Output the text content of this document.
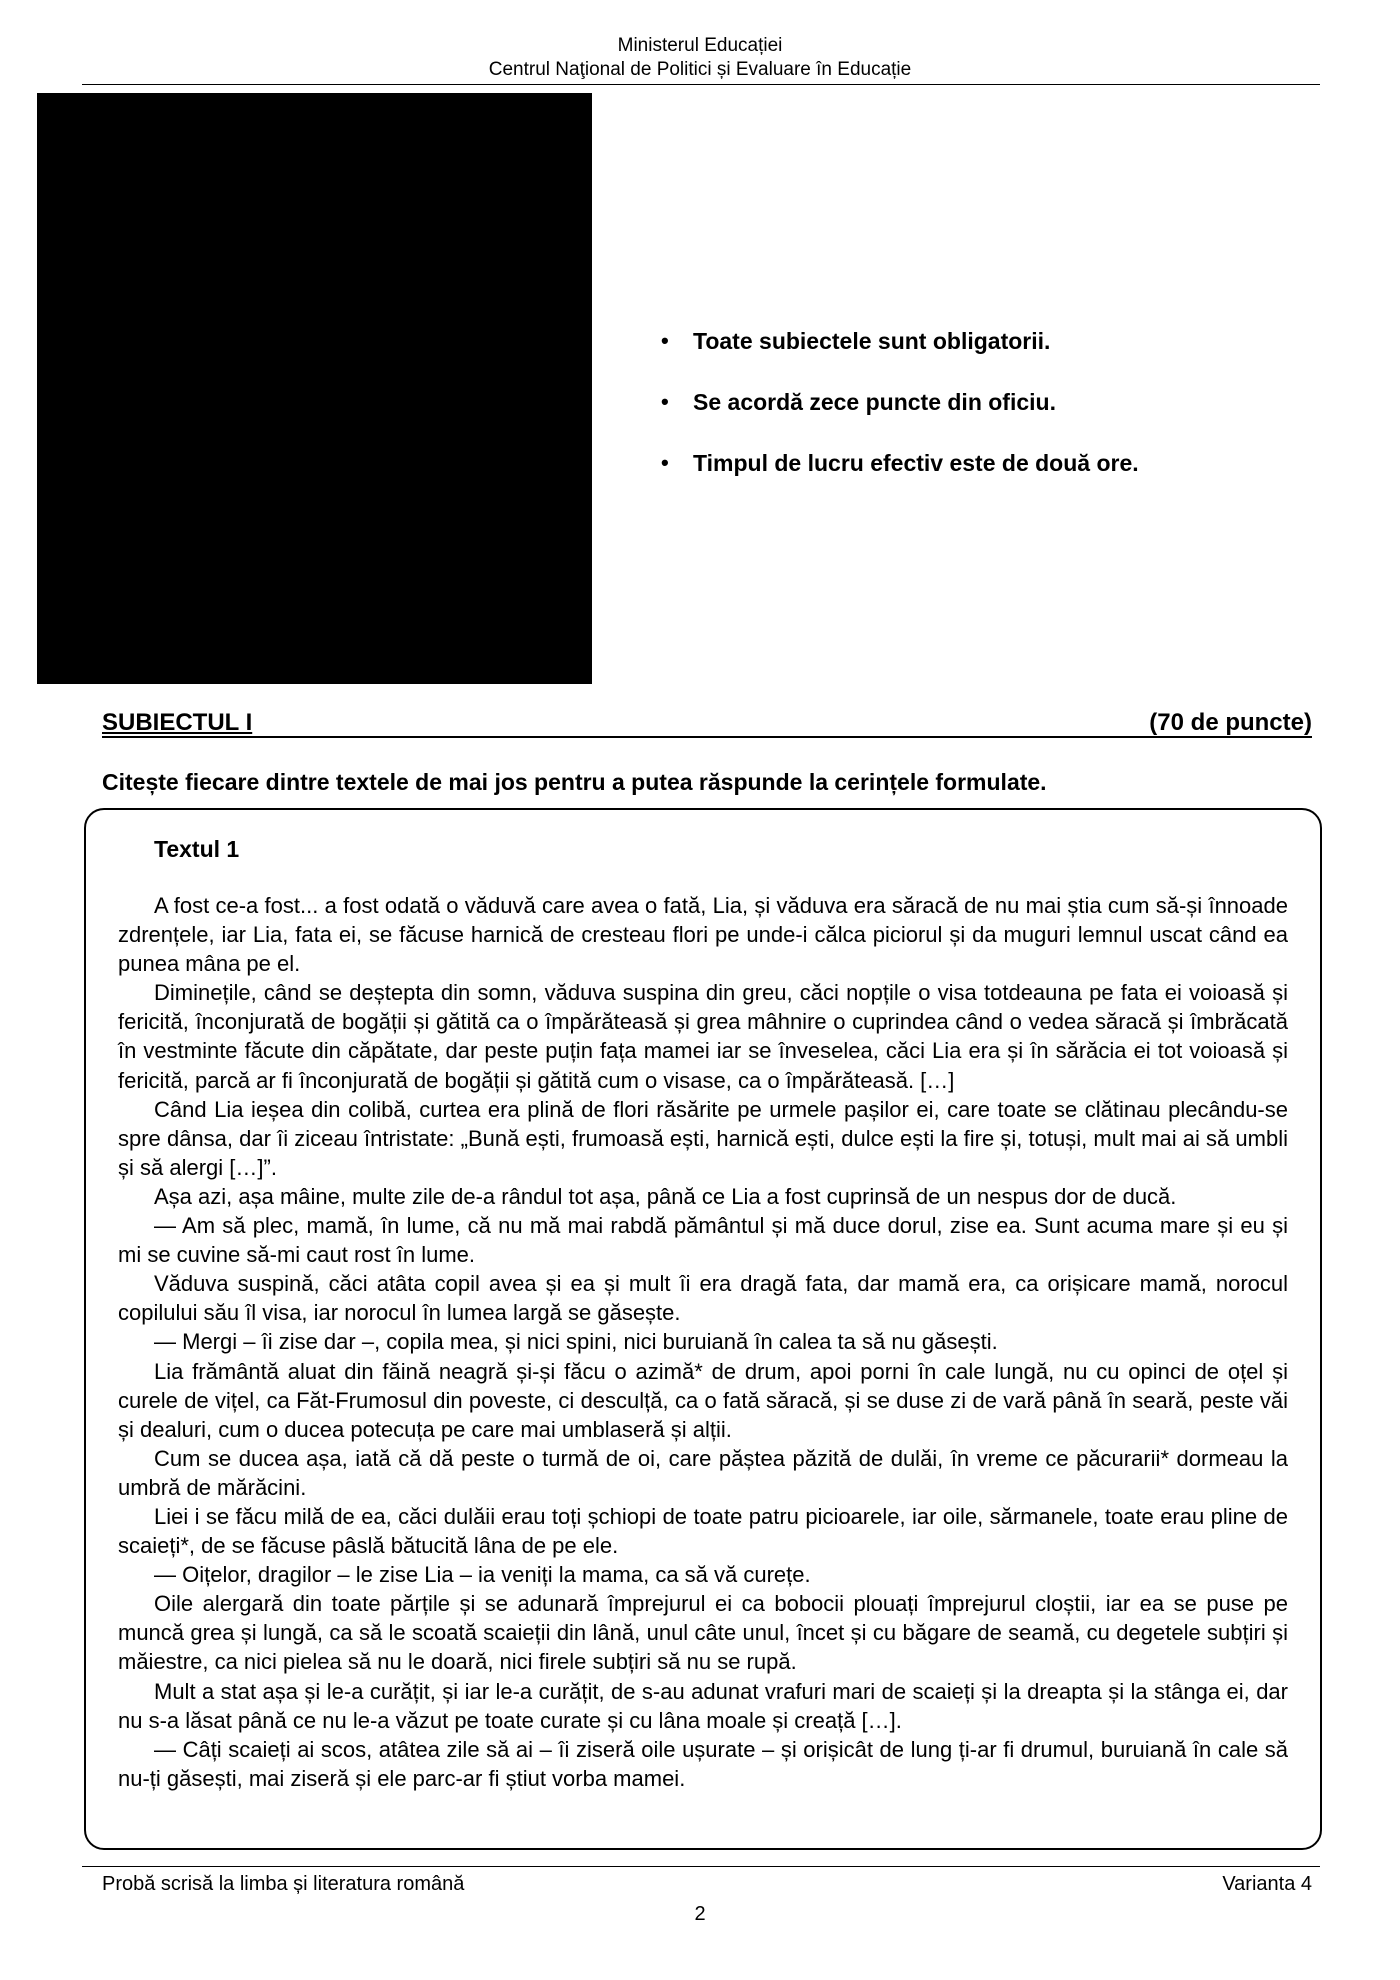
Ministerul Educației
Centrul Naţional de Politici și Evaluare în Educație
• Toate subiectele sunt obligatorii.
• Se acordă zece puncte din oficiu.
• Timpul de lucru efectiv este de două ore.
SUBIECTUL I	(70 de puncte)
Citește fiecare dintre textele de mai jos pentru a putea răspunde la cerințele formulate.
Textul 1

A fost ce-a fost... a fost odată o văduvă care avea o fată, Lia, și văduva era săracă de nu mai știa cum să-și înnoade zdrențele, iar Lia, fata ei, se făcuse harnică de cresteau flori pe unde-i călca piciorul și da muguri lemnul uscat când ea punea mâna pe el.

Diminețile, când se deștepta din somn, văduva suspina din greu, căci nopțile o visa totdeauna pe fata ei voioasă și fericită, înconjurată de bogății și gătită ca o împărăteasă și grea mâhnire o cuprindea când o vedea săracă și îmbrăcată în vestminte făcute din căpătate, dar peste puțin fața mamei iar se înveselea, căci Lia era și în sărăcia ei tot voioasă și fericită, parcă ar fi înconjurată de bogății și gătită cum o visase, ca o împărăteasă. […]

Când Lia ieșea din colibă, curtea era plină de flori răsărite pe urmele pașilor ei, care toate se clătinau plecându-se spre dânsa, dar îi ziceau întristate: „Bună ești, frumoasă ești, harnică ești, dulce ești la fire și, totuși, mult mai ai să umbli și să alergi […]”.

Așa azi, așa mâine, multe zile de-a rândul tot așa, până ce Lia a fost cuprinsă de un nespus dor de ducă.

— Am să plec, mamă, în lume, că nu mă mai rabdă pământul și mă duce dorul, zise ea. Sunt acuma mare și eu și mi se cuvine să-mi caut rost în lume.

Văduva suspină, căci atâta copil avea și ea și mult îi era dragă fata, dar mamă era, ca orișicare mamă, norocul copilului său îl visa, iar norocul în lumea largă se găsește.

— Mergi – îi zise dar –, copila mea, și nici spini, nici buruiană în calea ta să nu găsești.

Lia frământă aluat din făină neagră și-și făcu o azimă* de drum, apoi porni în cale lungă, nu cu opinci de oțel și curele de vițel, ca Făt-Frumosul din poveste, ci desculță, ca o fată săracă, și se duse zi de vară până în seară, peste văi și dealuri, cum o ducea potecuța pe care mai umblaseră și alții.

Cum se ducea așa, iată că dă peste o turmă de oi, care păștea păzită de dulăi, în vreme ce păcurarii* dormeau la umbră de mărăcini.

Liei i se făcu milă de ea, căci dulăii erau toți șchiopi de toate patru picioarele, iar oile, sărmanele, toate erau pline de scaieți*, de se făcuse pâslă bătucită lâna de pe ele.

— Oițelor, dragilor – le zise Lia – ia veniți la mama, ca să vă curețe.

Oile alergară din toate părțile și se adunară împrejurul ei ca bobocii plouați împrejurul cloștii, iar ea se puse pe muncă grea și lungă, ca să le scoată scaieții din lână, unul câte unul, încet și cu băgare de seamă, cu degetele subțiri și măiestre, ca nici pielea să nu le doară, nici firele subțiri să nu se rupă.

Mult a stat așa și le-a curățit, și iar le-a curățit, de s-au adunat vrafuri mari de scaieți și la dreapta și la stânga ei, dar nu s-a lăsat până ce nu le-a văzut pe toate curate și cu lâna moale și creață […].

— Câți scaieți ai scos, atâtea zile să ai – îi ziseră oile ușurate – și orișicât de lung ți-ar fi drumul, buruiană în cale să nu-ți găsești, mai ziseră și ele parc-ar fi știut vorba mamei.

Probă scrisă la limba și literatura română	Varianta 4
2
